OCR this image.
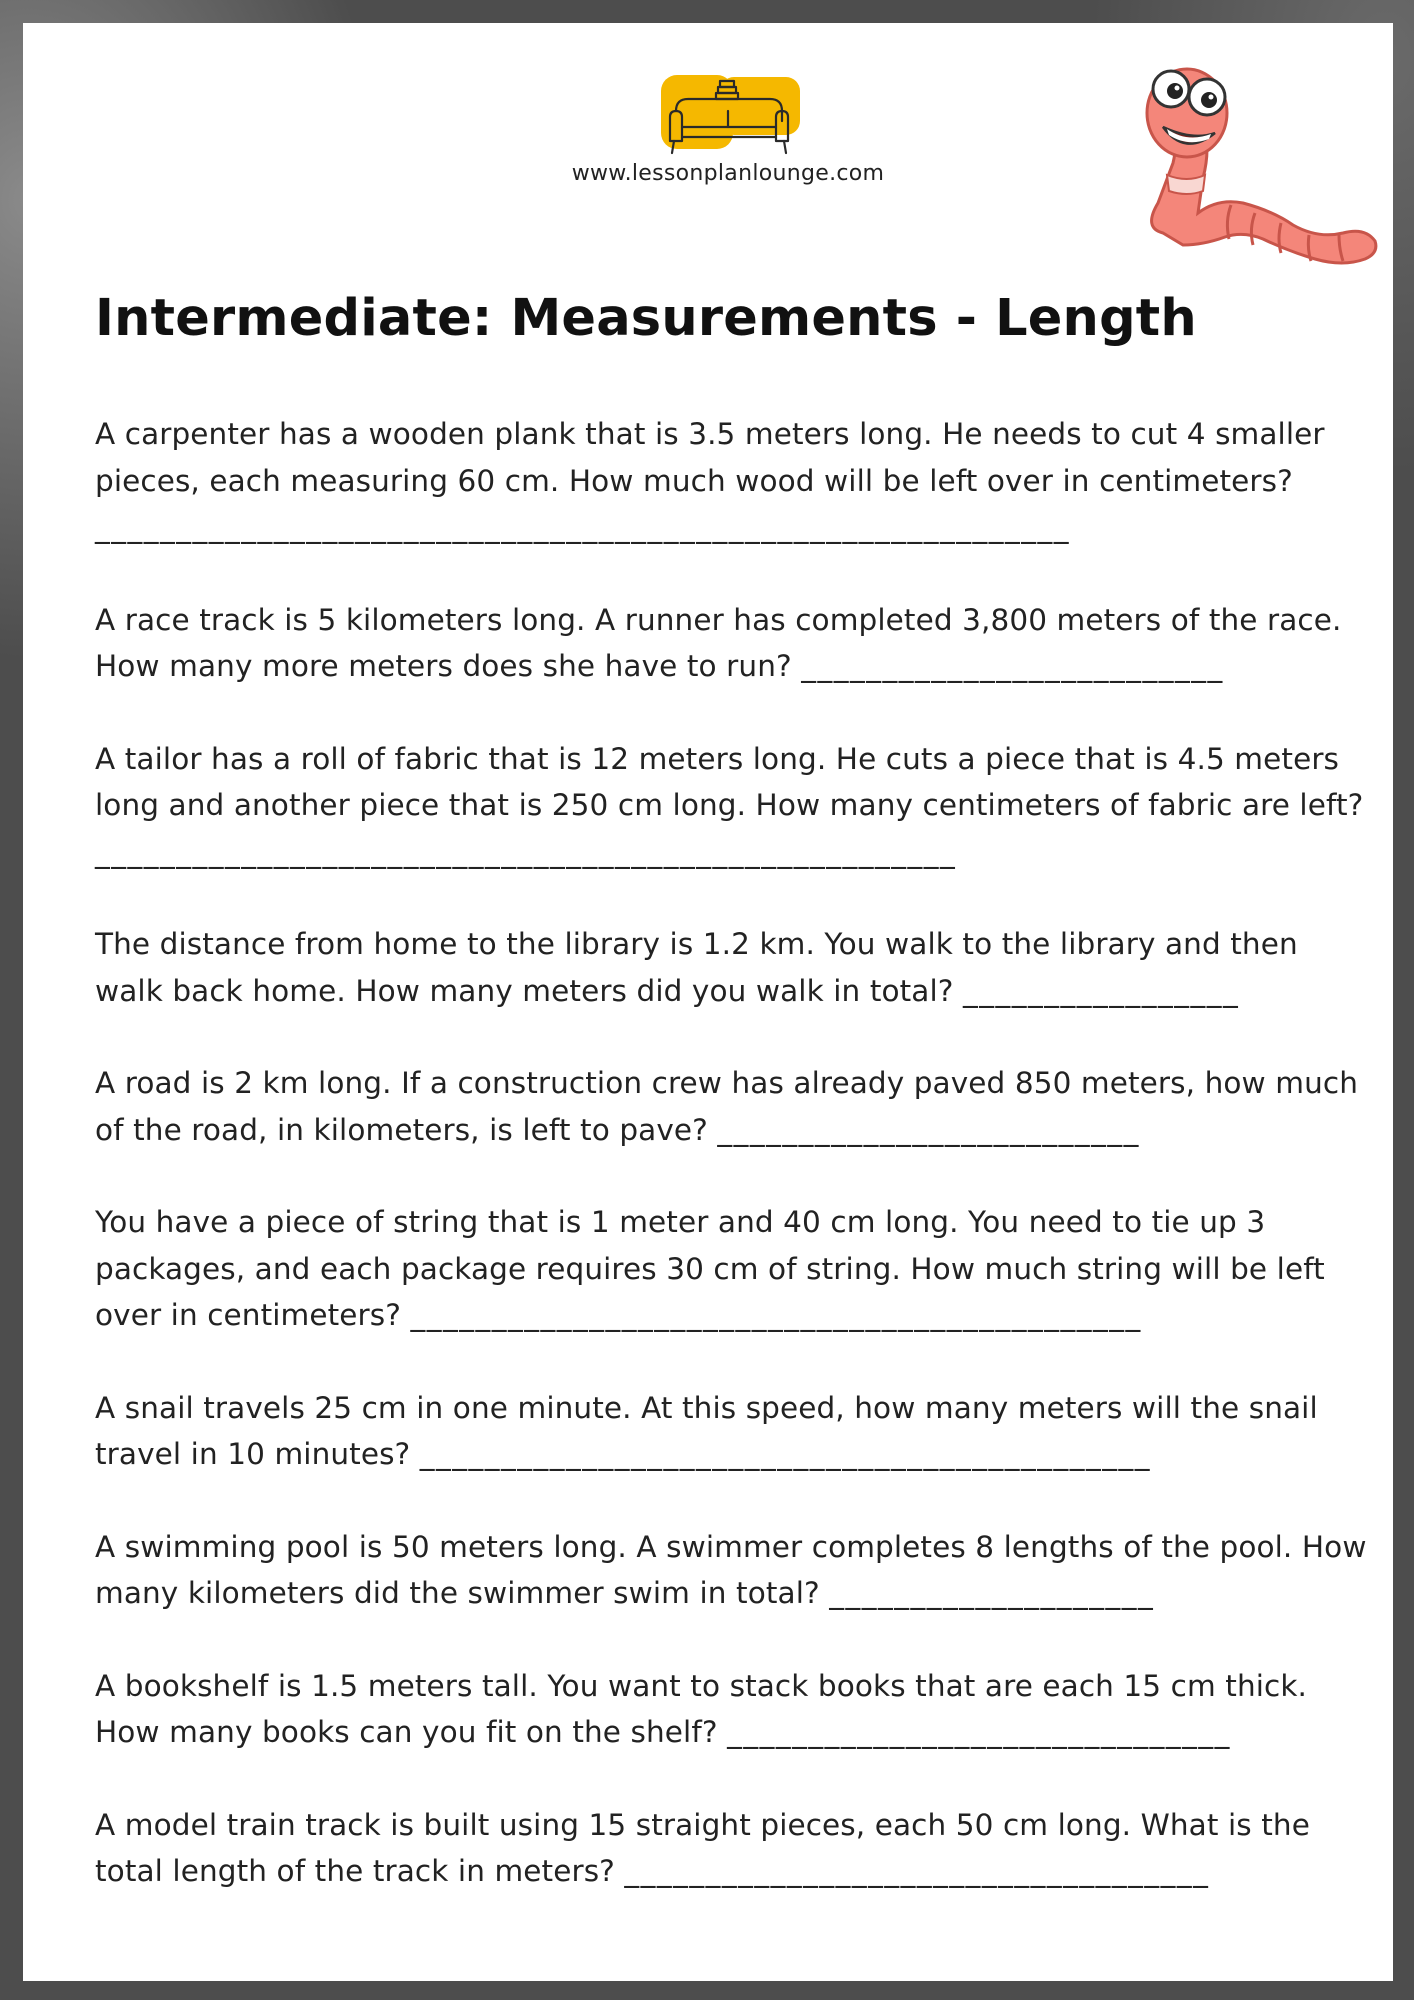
www.lessonplanlounge.com
Intermediate: Measurements - Length
A carpenter has a wooden plank that is 3.5 meters long. He needs to cut 4 smaller pieces, each measuring 60 cm. How much wood will be left over in centimeters?
____________________________________________________________
A race track is 5 kilometers long. A runner has completed 3,800 meters of the race. How many more meters does she have to run? __________________________
A tailor has a roll of fabric that is 12 meters long. He cuts a piece that is 4.5 meters long and another piece that is 250 cm long. How many centimeters of fabric are left? _____________________________________________________
The distance from home to the library is 1.2 km. You walk to the library and then walk back home. How many meters did you walk in total? _________________
A road is 2 km long. If a construction crew has already paved 850 meters, how much of the road, in kilometers, is left to pave? __________________________
You have a piece of string that is 1 meter and 40 cm long. You need to tie up 3 packages, and each package requires 30 cm of string. How much string will be left over in centimeters? _____________________________________________
A snail travels 25 cm in one minute. At this speed, how many meters will the snail travel in 10 minutes? _____________________________________________
A swimming pool is 50 meters long. A swimmer completes 8 lengths of the pool. How many kilometers did the swimmer swim in total? ____________________
A bookshelf is 1.5 meters tall. You want to stack books that are each 15 cm thick. How many books can you fit on the shelf? _______________________________
A model train track is built using 15 straight pieces, each 50 cm long. What is the total length of the track in meters? ____________________________________
